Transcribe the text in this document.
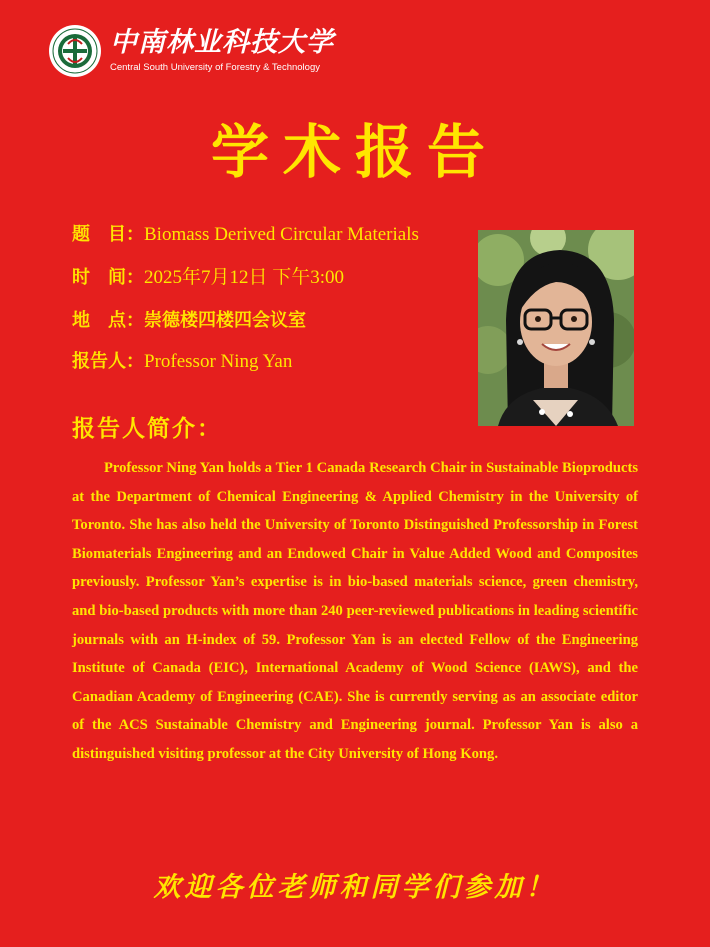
中南林业科技大学
Central South University of Forestry & Technology
学术报告
题　目：Biomass Derived Circular Materials
时　间：2025年7月12日 下午3:00
地　点：崇德楼四楼四会议室
报告人：Professor Ning Yan
报告人简介：

Professor Ning Yan holds a Tier 1 Canada Research Chair in Sustainable Bioproducts at the Department of Chemical Engineering & Applied Chemistry in the University of Toronto. She has also held the University of Toronto Distinguished Professorship in Forest Biomaterials Engineering and an Endowed Chair in Value Added Wood and Composites previously. Professor Yan’s expertise is in bio-based materials science, green chemistry, and bio-based products with more than 240 peer-reviewed publications in leading scientific journals with an H-index of 59. Professor Yan is an elected Fellow of the Engineering Institute of Canada (EIC), International Academy of Wood Science (IAWS), and the Canadian Academy of Engineering (CAE). She is currently serving as an associate editor of the ACS Sustainable Chemistry and Engineering journal. Professor Yan is also a distinguished visiting professor at the City University of Hong Kong.

欢迎各位老师和同学们参加！
